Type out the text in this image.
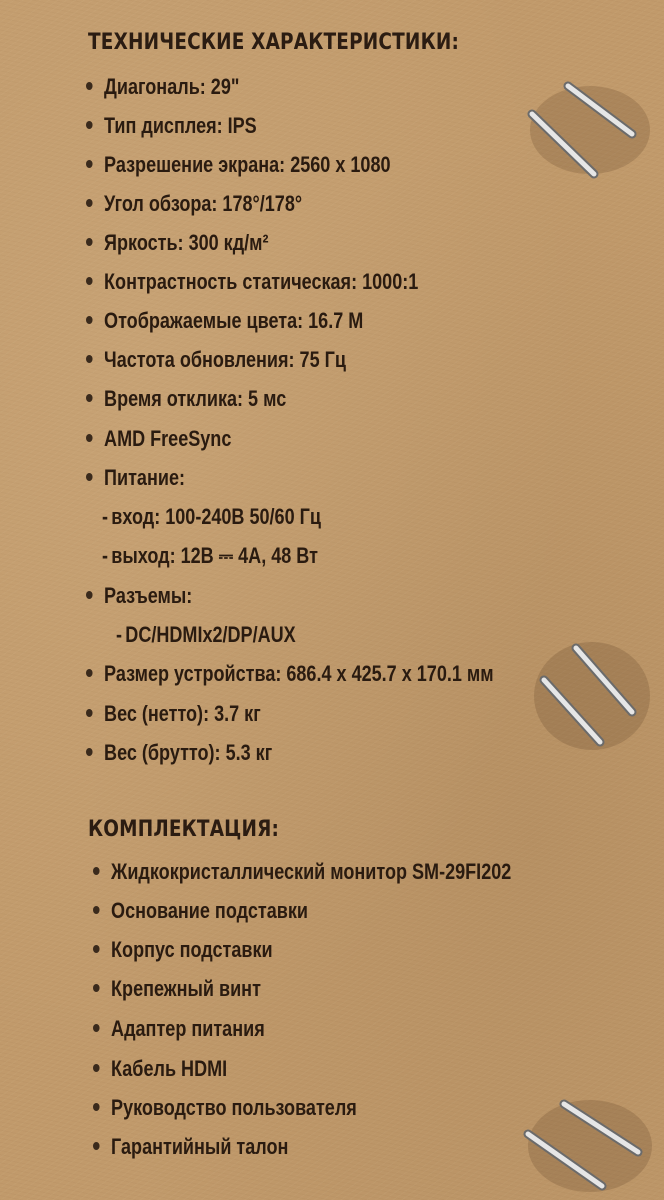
ТЕХНИЧЕСКИЕ ХАРАКТЕРИСТИКИ:
Диагональ: 29"
Тип дисплея: IPS
Разрешение экрана: 2560 x 1080
Угол обзора: 178°/178°
Яркость: 300 кд/м²
Контрастность статическая: 1000:1
Отображаемые цвета: 16.7 M
Частота обновления: 75 Гц
Время отклика: 5 мс
AMD FreeSync
Питание:
- вход: 100-240В 50/60 Гц
- выход: 12В ⎓ 4А, 48 Вт
Разъемы:
- DC/HDMIx2/DP/AUX
Размер устройства: 686.4 x 425.7 x 170.1 мм
Вес (нетто): 3.7 кг
Вес (брутто): 5.3 кг
КОМПЛЕКТАЦИЯ:
Жидкокристаллический монитор SM-29FI202
Основание подставки
Корпус подставки
Крепежный винт
Адаптер питания
Кабель HDMI
Руководство пользователя
Гарантийный талон
